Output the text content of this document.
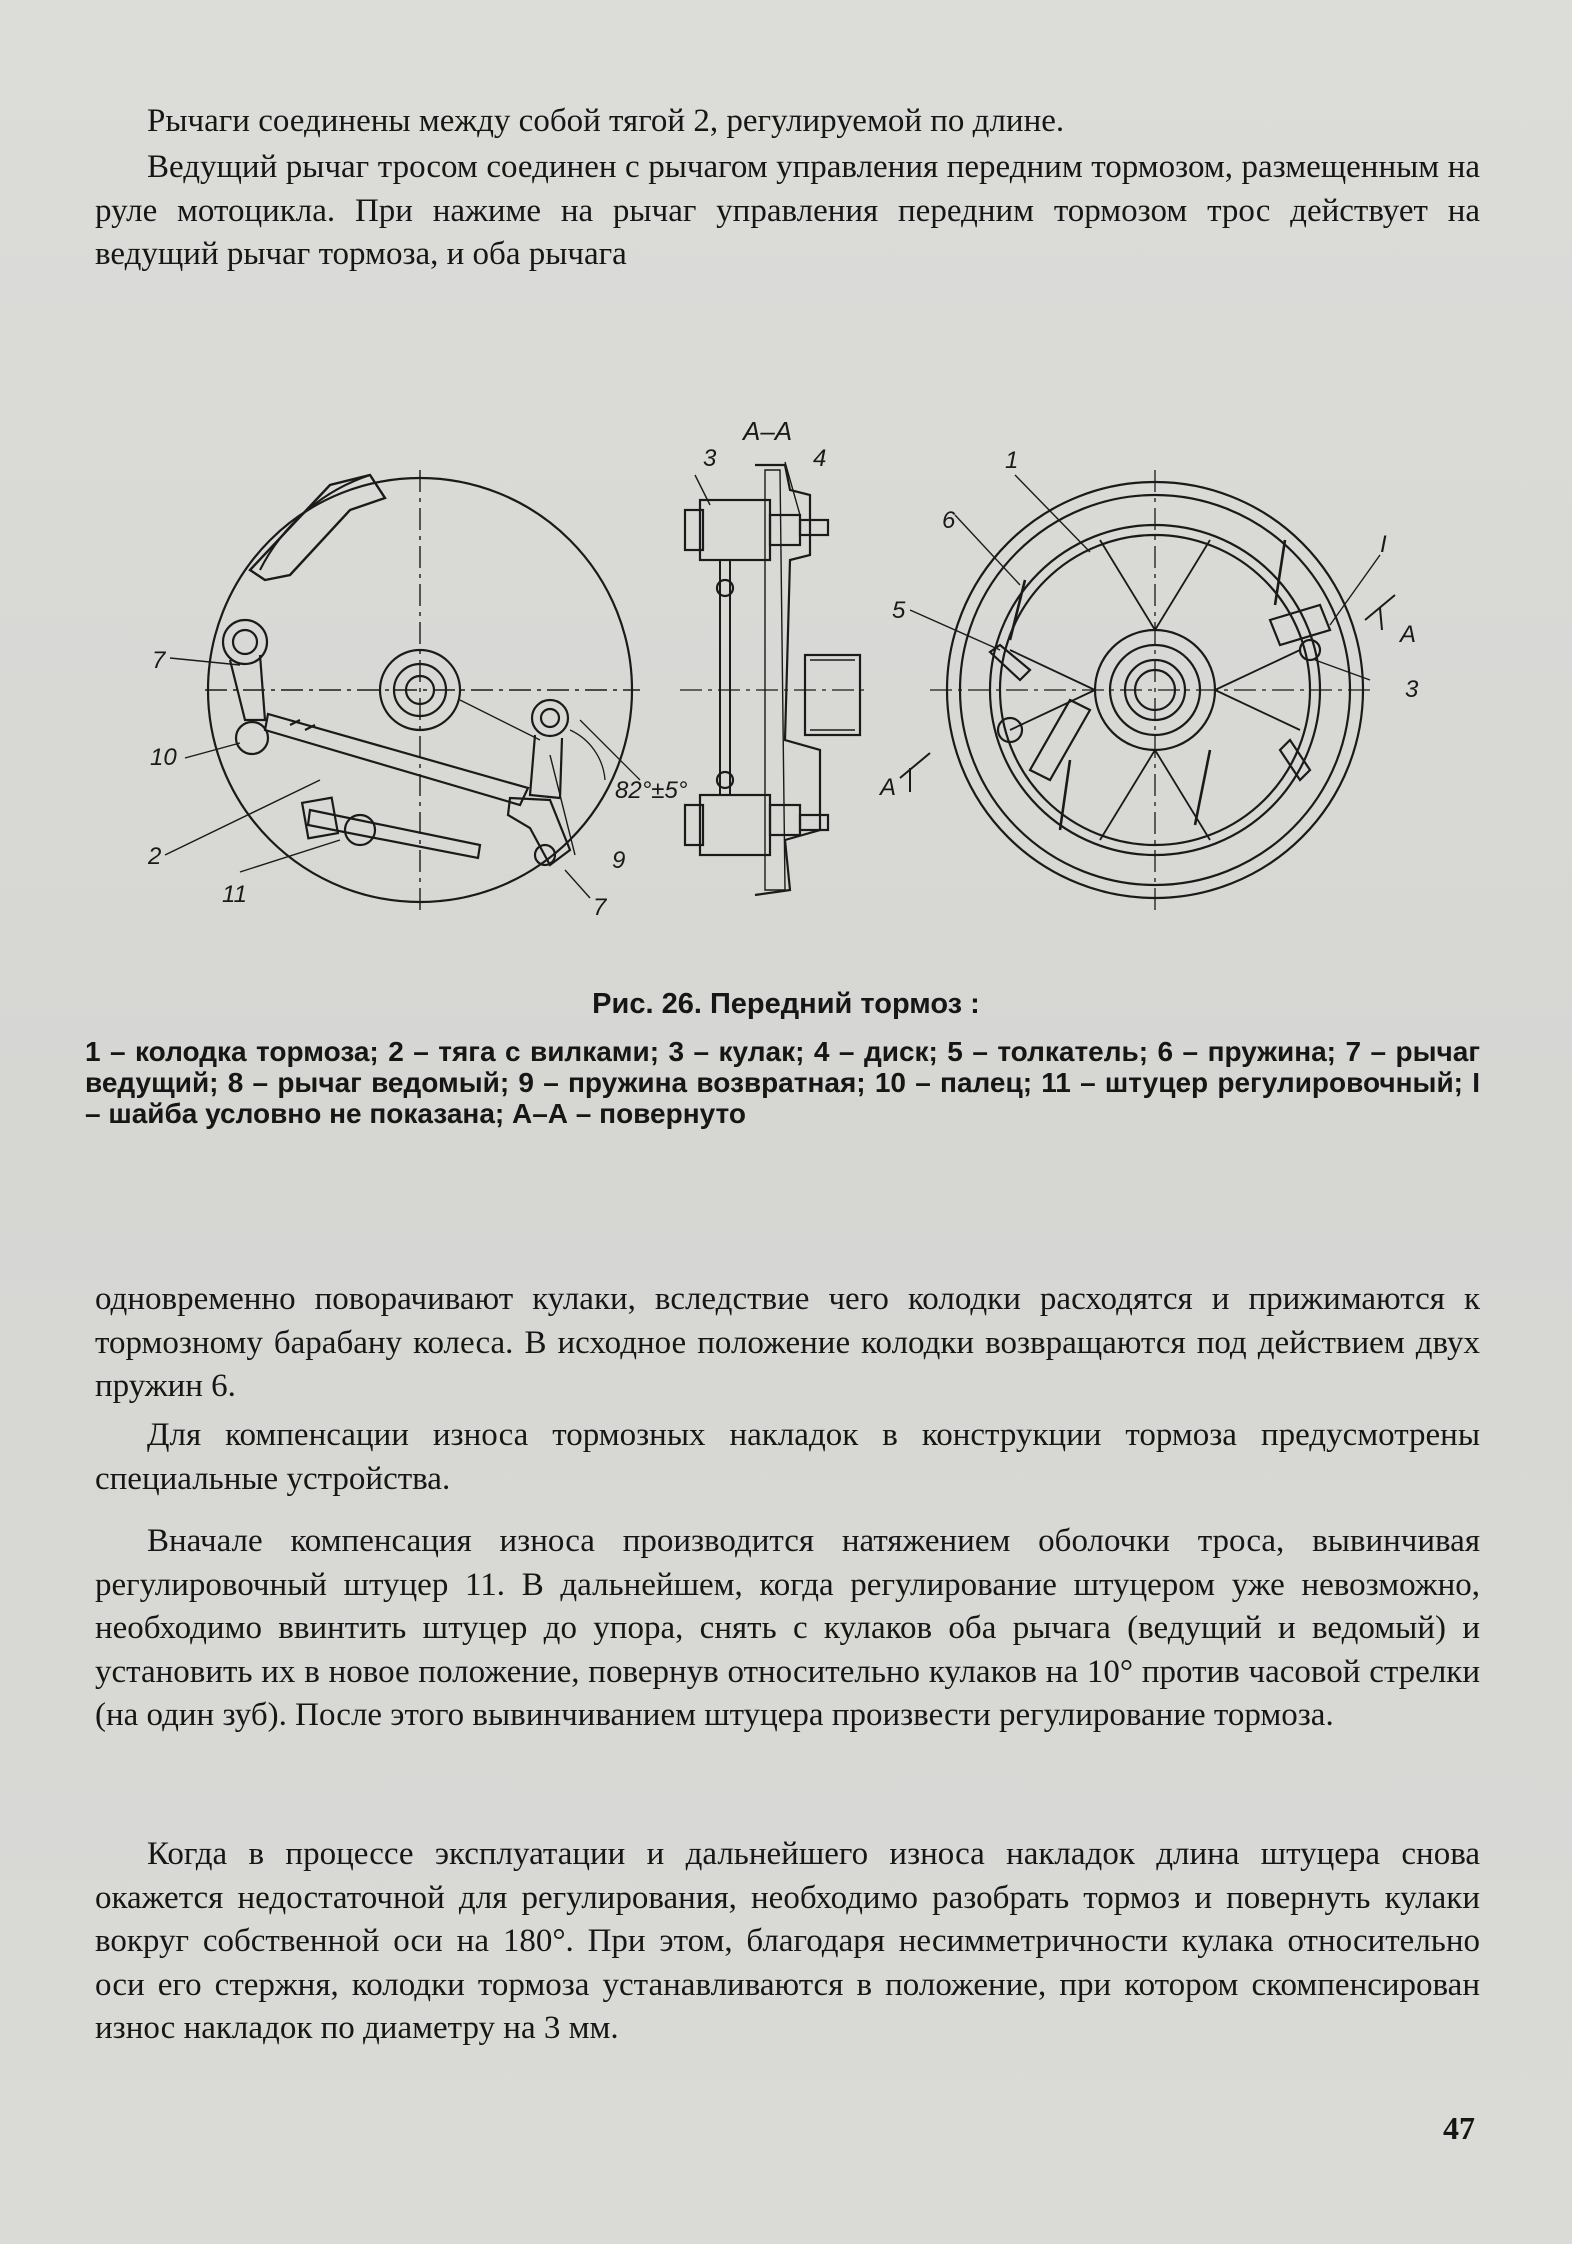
Рычаги соединены между собой тягой 2, регулируемой по длине.

Ведущий рычаг тросом соединен с рычагом управления передним тормозом, размещенным на руле мотоцикла. При нажиме на рычаг управления передним тормозом трос действует на ведущий рычаг тормоза, и оба рычага

7
10
2
11	7
9
82°±5°
А–А
3	4	1
6
5
I
А
3
А
Рис. 26. Передний тормоз :
1 – колодка тормоза; 2 – тяга с вилками; 3 – кулак; 4 – диск; 5 – толкатель; 6 – пружина; 7 – рычаг ведущий; 8 – рычаг ведомый; 9 – пружина возвратная; 10 – палец; 11 – штуцер регулировочный; I – шайба условно не показана; А–А – повернуто

одновременно поворачивают кулаки, вследствие чего колодки расходятся и прижимаются к тормозному барабану колеса. В исходное положение колодки возвращаются под действием двух пружин 6.

Для компенсации износа тормозных накладок в конструкции тормоза предусмотрены специальные устройства.

Вначале компенсация износа производится натяжением оболочки троса, вывинчивая регулировочный штуцер 11. В дальнейшем, когда регулирование штуцером уже невозможно, необходимо ввинтить штуцер до упора, снять с кулаков оба рычага (ведущий и ведомый) и установить их в новое положение, повернув относительно кулаков на 10° против часовой стрелки (на один зуб). После этого вывинчиванием штуцера произвести регулирование тормоза.

Когда в процессе эксплуатации и дальнейшего износа накладок длина штуцера снова окажется недостаточной для регулирования, необходимо разобрать тормоз и повернуть кулаки вокруг собственной оси на 180°. При этом, благодаря несимметричности кулака относительно оси его стержня, колодки тормоза устанавливаются в положение, при котором скомпенсирован износ накладок по диаметру на 3 мм.

47
